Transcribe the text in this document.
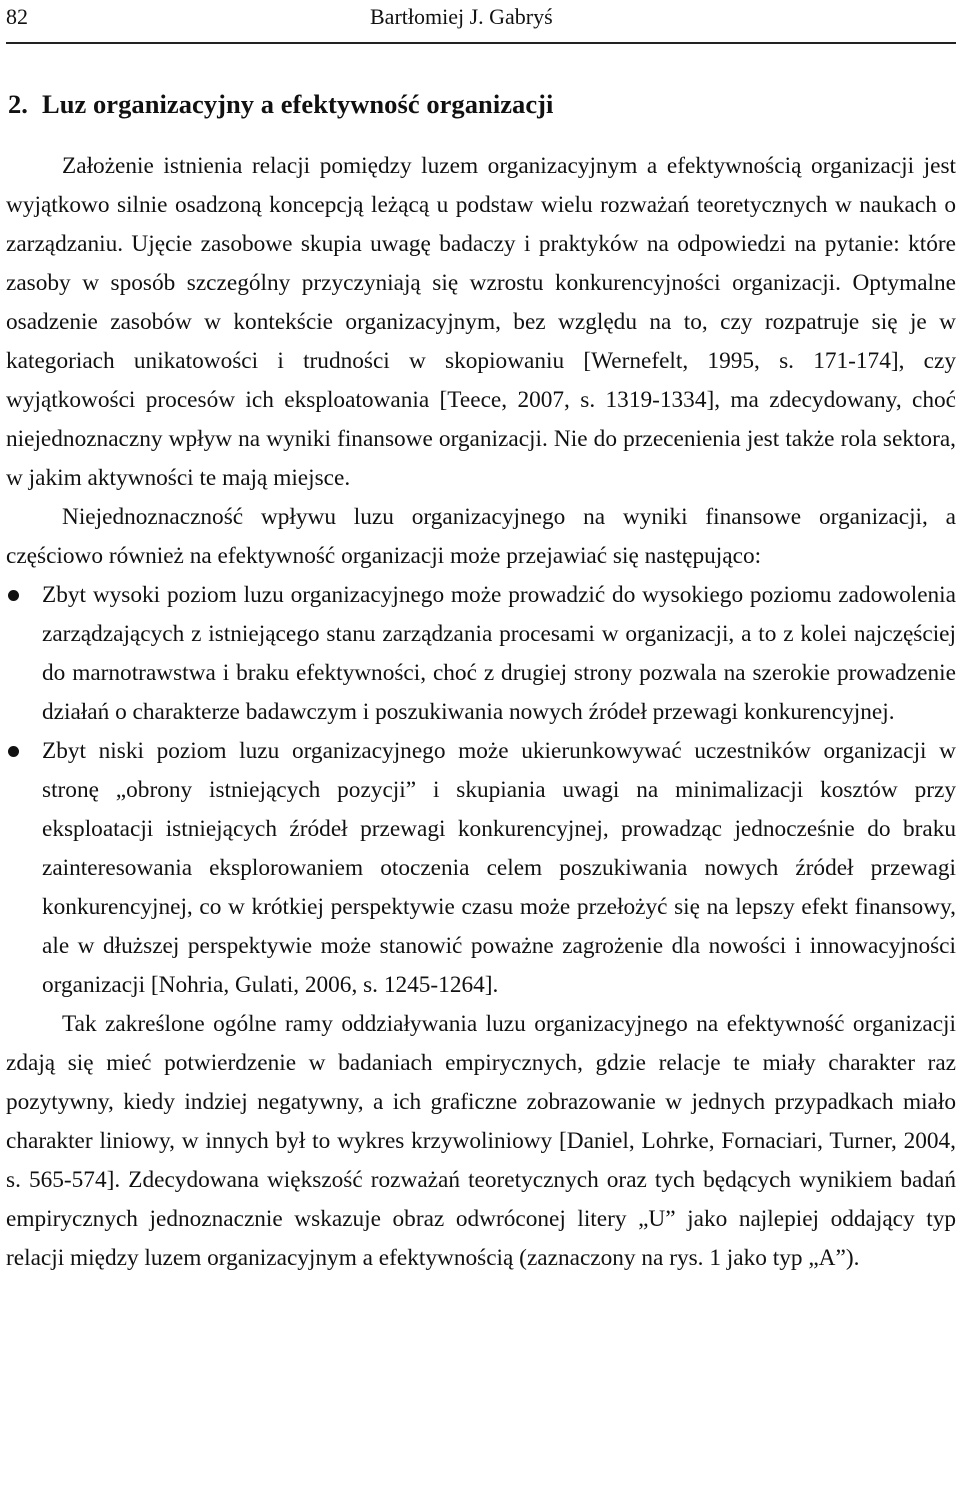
82	Bartłomiej J. Gabryś
2. Luz organizacyjny a efektywność organizacji

Założenie istnienia relacji pomiędzy luzem organizacyjnym a efektywnością organizacji jest wyjątkowo silnie osadzoną koncepcją leżącą u podstaw wielu rozważań teoretycznych w naukach o zarządzaniu. Ujęcie zasobowe skupia uwagę badaczy i praktyków na odpowiedzi na pytanie: które zasoby w sposób szczególny przyczyniają się wzrostu konkurencyjności organizacji. Optymalne osadzenie zasobów w kontekście organizacyjnym, bez względu na to, czy rozpatruje się je w kategoriach unikatowości i trudności w skopiowaniu [Wernefelt, 1995, s. 171-174], czy wyjątkowości procesów ich eksploatowania [Teece, 2007, s. 1319-1334], ma zdecydowany, choć niejednoznaczny wpływ na wyniki finansowe organizacji. Nie do przecenienia jest także rola sektora, w jakim aktywności te mają miejsce.

Niejednoznaczność wpływu luzu organizacyjnego na wyniki finansowe organizacji, a częściowo również na efektywność organizacji może przejawiać się następująco:

Zbyt wysoki poziom luzu organizacyjnego może prowadzić do wysokiego poziomu zadowolenia zarządzających z istniejącego stanu zarządzania procesami w organizacji, a to z kolei najczęściej do marnotrawstwa i braku efektywności, choć z drugiej strony pozwala na szerokie prowadzenie działań o charakterze badawczym i poszukiwania nowych źródeł przewagi konkurencyjnej.
Zbyt niski poziom luzu organizacyjnego może ukierunkowywać uczestników organizacji w stronę „obrony istniejących pozycji” i skupiania uwagi na minimalizacji kosztów przy eksploatacji istniejących źródeł przewagi konkurencyjnej, prowadząc jednocześnie do braku zainteresowania eksplorowaniem otoczenia celem poszukiwania nowych źródeł przewagi konkurencyjnej, co w krótkiej perspektywie czasu może przełożyć się na lepszy efekt finansowy, ale w dłuższej perspektywie może stanowić poważne zagrożenie dla nowości i innowacyjności organizacji [Nohria, Gulati, 2006, s. 1245-1264].

Tak zakreślone ogólne ramy oddziaływania luzu organizacyjnego na efektywność organizacji zdają się mieć potwierdzenie w badaniach empirycznych, gdzie relacje te miały charakter raz pozytywny, kiedy indziej negatywny, a ich graficzne zobrazowanie w jednych przypadkach miało charakter liniowy, w innych był to wykres krzywoliniowy [Daniel, Lohrke, Fornaciari, Turner, 2004, s. 565-574]. Zdecydowana większość rozważań teoretycznych oraz tych będących wynikiem badań empirycznych jednoznacznie wskazuje obraz odwróconej litery „U” jako najlepiej oddający typ relacji między luzem organizacyjnym a efektywnością (zaznaczony na rys. 1 jako typ „A”).
